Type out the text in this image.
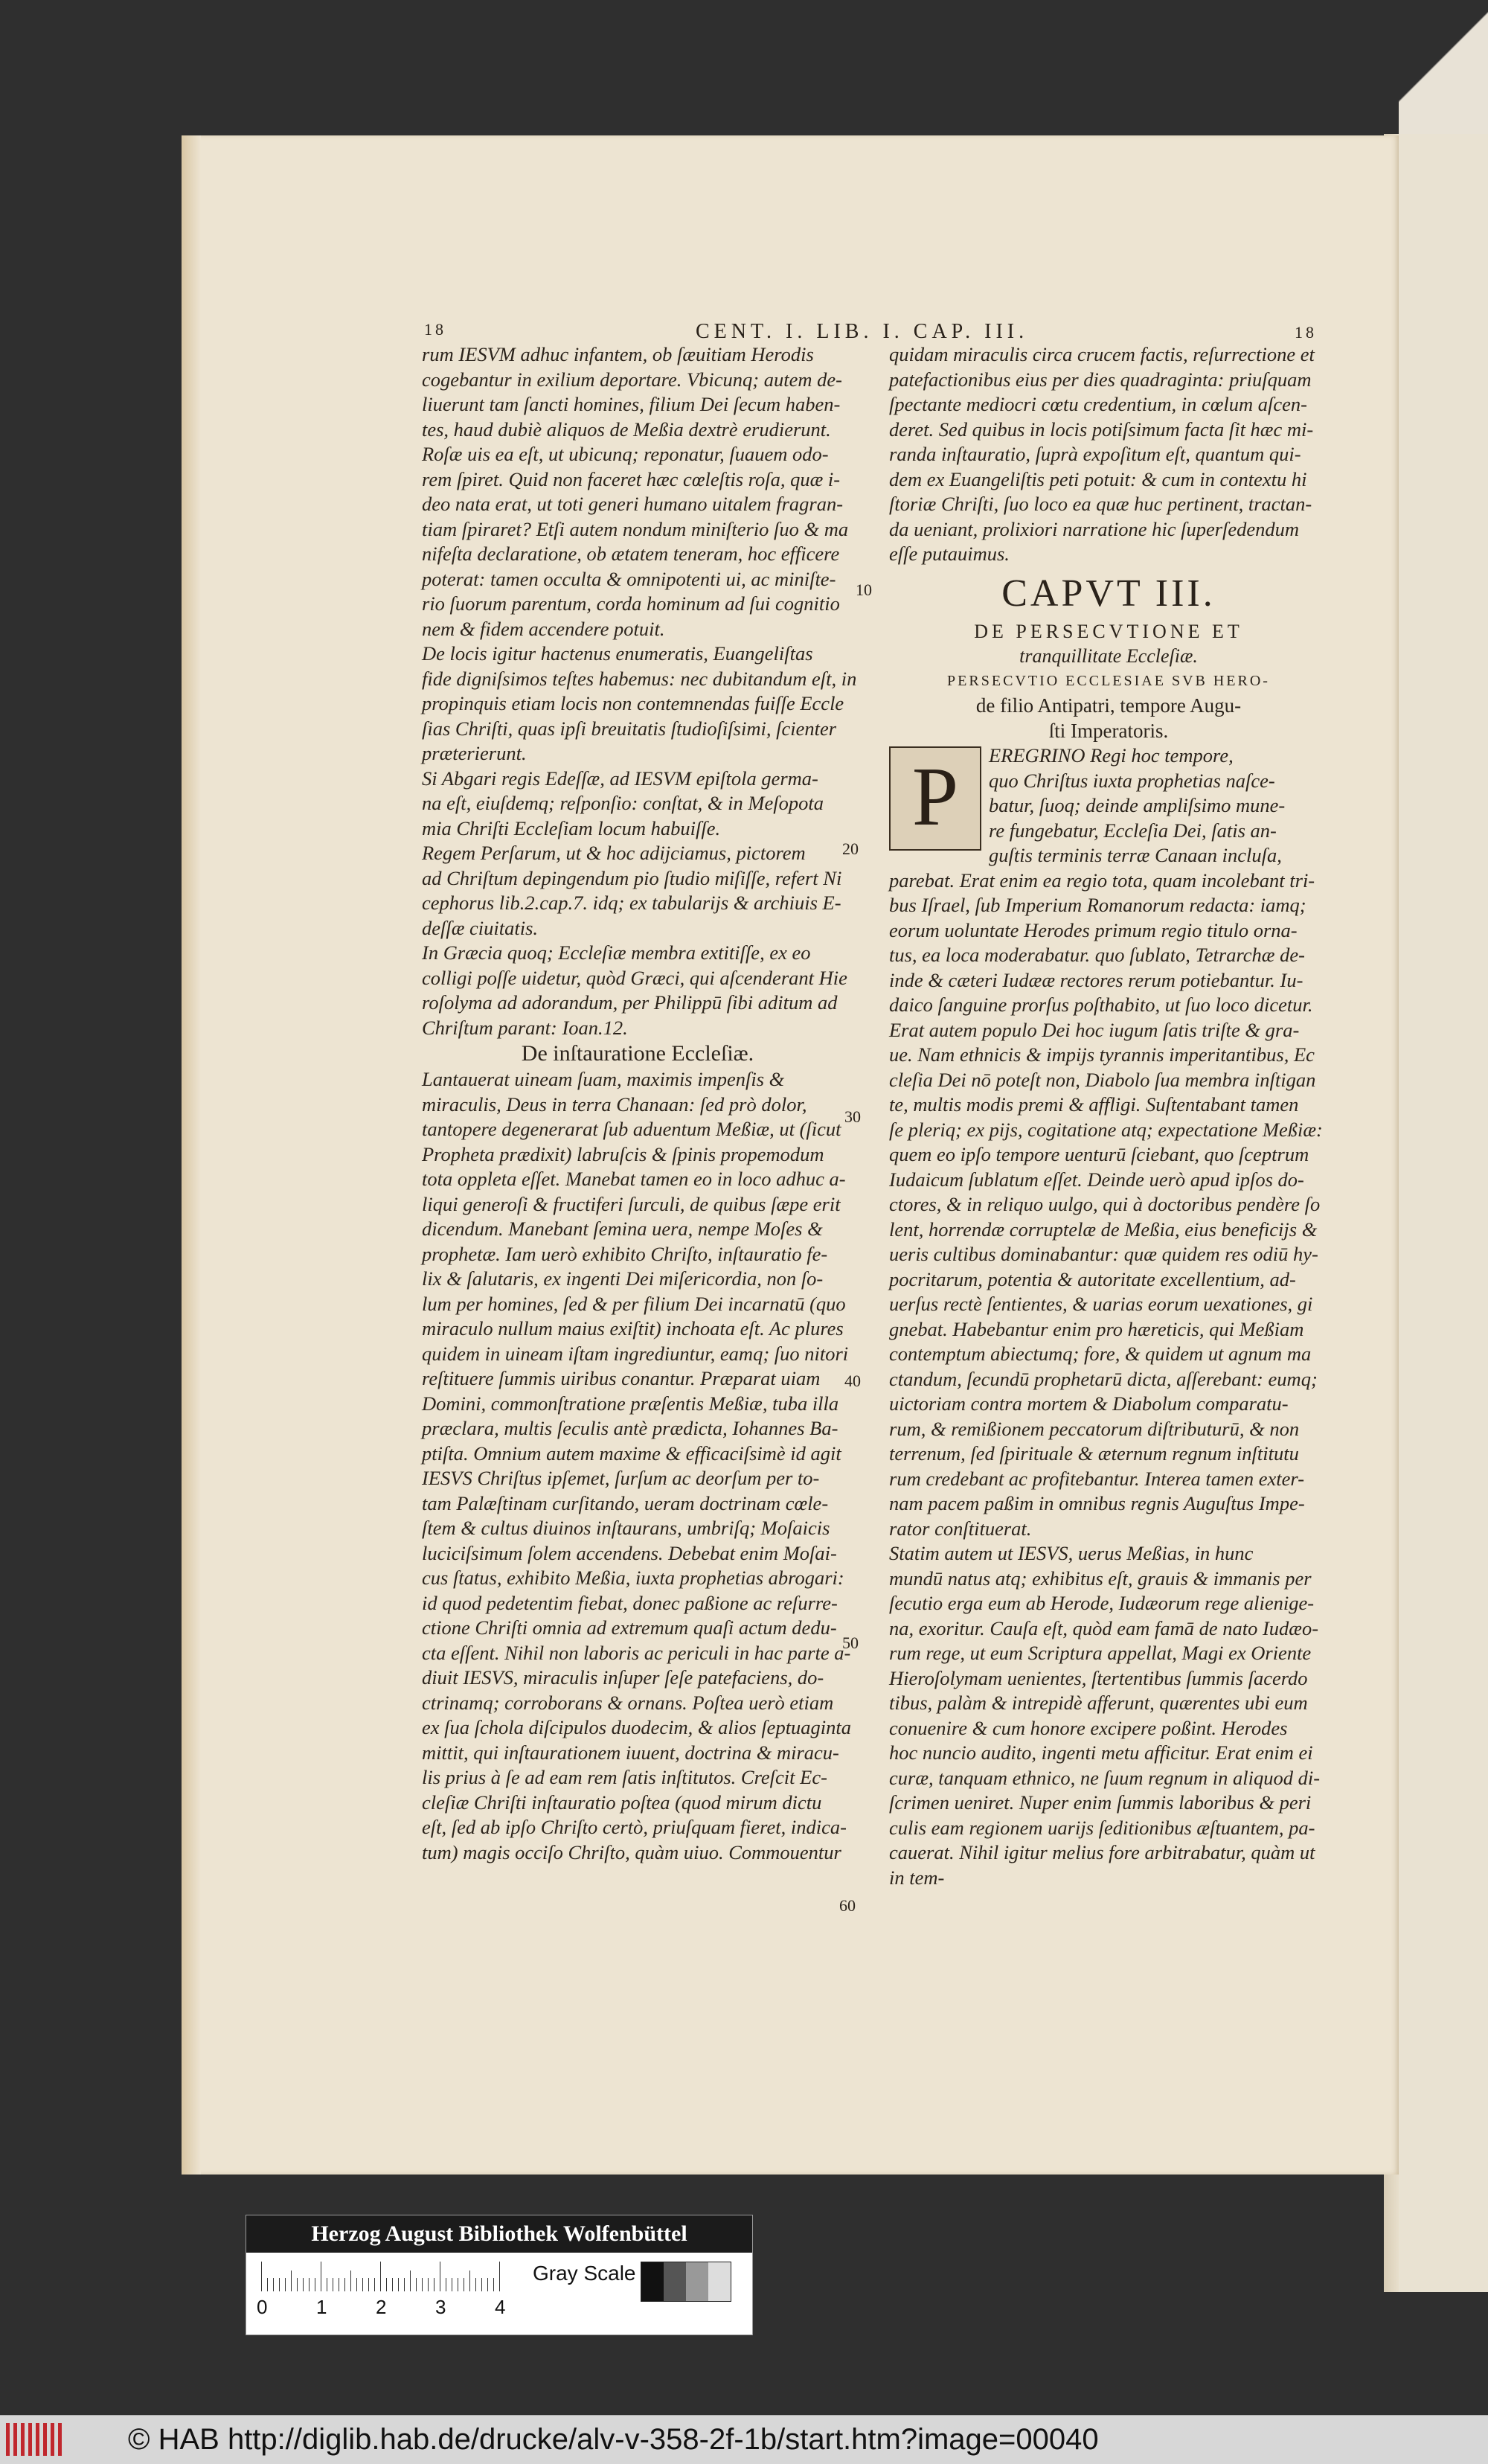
18	CENT. I. LIB. I. CAP. III.	18
rum IESVM adhuc infantem, ob ſæuitiam Herodis
cogebantur in exilium deportare. Vbicunq; autem de-
liuerunt tam ſancti homines, filium Dei ſecum haben-
tes, haud dubiè aliquos de Meßia dextrè erudierunt.
Roſæ uis ea eſt, ut ubicunq; reponatur, ſuauem odo-
rem ſpiret. Quid non faceret hæc cœleſtis roſa, quæ i-
deo nata erat, ut toti generi humano uitalem fragran-
tiam ſpiraret? Etſi autem nondum miniſterio ſuo & ma
nifeſta declaratione, ob ætatem teneram, hoc efficere
poterat: tamen occulta & omnipotenti ui, ac miniſte-
rio ſuorum parentum, corda hominum ad ſui cognitio
nem & fidem accendere potuit.
De locis igitur hactenus enumeratis, Euangeliſtas
fide digniſsimos teſtes habemus: nec dubitandum eſt, in
propinquis etiam locis non contemnendas fuiſſe Eccle
ſias Chriſti, quas ipſi breuitatis ſtudioſiſsimi, ſcienter
præterierunt.
Si Abgari regis Edeſſæ, ad IESVM epiſtola germa-
na eſt, eiuſdemq; reſponſio: conſtat, & in Meſopota
mia Chriſti Eccleſiam locum habuiſſe.
Regem Perſarum, ut & hoc adijciamus, pictorem
ad Chriſtum depingendum pio ſtudio miſiſſe, refert Ni
cephorus lib.2.cap.7. idq; ex tabularijs & archiuis E-
deſſæ ciuitatis.
In Græcia quoq; Eccleſiæ membra extitiſſe, ex eo
colligi poſſe uidetur, quòd Græci, qui aſcenderant Hie
roſolyma ad adorandum, per Philippū ſibi aditum ad
Chriſtum parant: Ioan.12.
De inſtauratione Eccleſiæ.
Lantauerat uineam ſuam, maximis impenſis &
miraculis, Deus in terra Chanaan: ſed prò dolor,
tantopere degenerarat ſub aduentum Meßiæ, ut (ſicut
Propheta prædixit) labruſcis & ſpinis propemodum
tota oppleta eſſet. Manebat tamen eo in loco adhuc a-
liqui generoſi & fructiferi ſurculi, de quibus ſæpe erit
dicendum. Manebant ſemina uera, nempe Moſes &
prophetæ. Iam uerò exhibito Chriſto, inſtauratio fe-
lix & ſalutaris, ex ingenti Dei miſericordia, non ſo-
lum per homines, ſed & per filium Dei incarnatū (quo
miraculo nullum maius exiſtit) inchoata eſt. Ac plures
quidem in uineam iſtam ingrediuntur, eamq; ſuo nitori
reſtituere ſummis uiribus conantur. Præparat uiam
Domini, commonſtratione præſentis Meßiæ, tuba illa
præclara, multis ſeculis antè prædicta, Iohannes Ba-
ptiſta. Omnium autem maxime & efficaciſsimè id agit
IESVS Chriſtus ipſemet, ſurſum ac deorſum per to-
tam Palæſtinam curſitando, ueram doctrinam cœle-
ſtem & cultus diuinos inſtaurans, umbriſq; Moſaicis
luciciſsimum ſolem accendens. Debebat enim Moſai-
cus ſtatus, exhibito Meßia, iuxta prophetias abrogari:
id quod pedetentim fiebat, donec paßione ac reſurre-
ctione Chriſti omnia ad extremum quaſi actum dedu-
cta eſſent. Nihil non laboris ac periculi in hac parte a-
diuit IESVS, miraculis inſuper ſeſe patefaciens, do-
ctrinamq; corroborans & ornans. Poſtea uerò etiam
ex ſua ſchola diſcipulos duodecim, & alios ſeptuaginta
mittit, qui inſtaurationem iuuent, doctrina & miracu-
lis prius à ſe ad eam rem ſatis inſtitutos. Creſcit Ec-
cleſiæ Chriſti inſtauratio poſtea (quod mirum dictu
eſt, ſed ab ipſo Chriſto certò, priuſquam fieret, indica-
tum) magis occiſo Chriſto, quàm uiuo. Commouentur
10
20
30
40
50
60
quidam miraculis circa crucem factis, reſurrectione et
patefactionibus eius per dies quadraginta: priuſquam
ſpectante mediocri cœtu credentium, in cœlum aſcen-
deret. Sed quibus in locis potiſsimum facta ſit hæc mi-
randa inſtauratio, ſuprà expoſitum eſt, quantum qui-
dem ex Euangeliſtis peti potuit: & cum in contextu hi
ſtoriæ Chriſti, ſuo loco ea quæ huc pertinent, tractan-
da ueniant, prolixiori narratione hic ſuperſedendum
eſſe putauimus.
CAPVT III.
DE PERSECVTIONE ET
tranquillitate Eccleſiæ.
PERSECVTIO ECCLESIAE SVB HERO-
de filio Antipatri, tempore Augu-
ſti Imperatoris.
P	EREGRINO Regi hoc tempore,
quo Chriſtus iuxta prophetias naſce-
batur, ſuoq; deinde ampliſsimo mune-
re fungebatur, Eccleſia Dei, ſatis an-
guſtis terminis terræ Canaan incluſa,
parebat. Erat enim ea regio tota, quam incolebant tri-
bus Iſrael, ſub Imperium Romanorum redacta: iamq;
eorum uoluntate Herodes primum regio titulo orna-
tus, ea loca moderabatur. quo ſublato, Tetrarchæ de-
inde & cæteri Iudææ rectores rerum potiebantur. Iu-
daico ſanguine prorſus poſthabito, ut ſuo loco dicetur.
Erat autem populo Dei hoc iugum ſatis triſte & gra-
ue. Nam ethnicis & impijs tyrannis imperitantibus, Ec
cleſia Dei nō poteſt non, Diabolo ſua membra inſtigan
te, multis modis premi & affligi. Suſtentabant tamen
ſe pleriq; ex pijs, cogitatione atq; expectatione Meßiæ:
quem eo ipſo tempore uenturū ſciebant, quo ſceptrum
Iudaicum ſublatum eſſet. Deinde uerò apud ipſos do-
ctores, & in reliquo uulgo, qui à doctoribus pendère ſo
lent, horrendæ corruptelæ de Meßia, eius beneficijs &
ueris cultibus dominabantur: quæ quidem res odiū hy-
pocritarum, potentia & autoritate excellentium, ad-
uerſus rectè ſentientes, & uarias eorum uexationes, gi
gnebat. Habebantur enim pro hæreticis, qui Meßiam
contemptum abiectumq; fore, & quidem ut agnum ma
ctandum, ſecundū prophetarū dicta, aſſerebant: eumq;
uictoriam contra mortem & Diabolum comparatu-
rum, & remißionem peccatorum diſtributurū, & non
terrenum, ſed ſpirituale & æternum regnum inſtitutu
rum credebant ac profitebantur. Interea tamen exter-
nam pacem paßim in omnibus regnis Auguſtus Impe-
rator conſtituerat.
Statim autem ut IESVS, uerus Meßias, in hunc
mundū natus atq; exhibitus eſt, grauis & immanis per
ſecutio erga eum ab Herode, Iudæorum rege alienige-
na, exoritur. Cauſa eſt, quòd eam famā de nato Iudæo-
rum rege, ut eum Scriptura appellat, Magi ex Oriente
Hieroſolymam uenientes, ſtertentibus ſummis ſacerdo
tibus, palàm & intrepidè afferunt, quærentes ubi eum
conuenire & cum honore excipere poßint. Herodes
hoc nuncio audito, ingenti metu afficitur. Erat enim ei
curæ, tanquam ethnico, ne ſuum regnum in aliquod di-
ſcrimen ueniret. Nuper enim ſummis laboribus & peri
culis eam regionem uarijs ſeditionibus æſtuantem, pa-
cauerat. Nihil igitur melius fore arbitrabatur, quàm ut
in tem-
Herzog August Bibliothek Wolfenbüttel
0	1	2	3	4
Gray Scale
© HAB http://diglib.hab.de/drucke/alv-v-358-2f-1b/start.htm?image=00040
